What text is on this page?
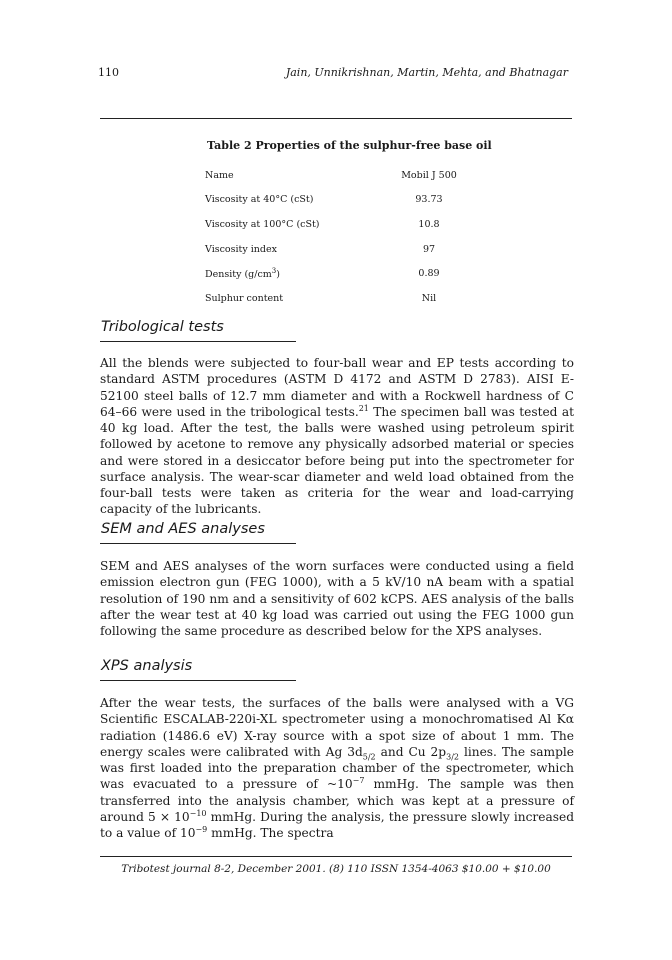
110	Jain, Unnikrishnan, Martin, Mehta, and Bhatnagar
Table 2 Properties of the sulphur-free base oil
Name	Mobil J 500
Viscosity at 40°C (cSt)	93.73
Viscosity at 100°C (cSt)	10.8
Viscosity index	97
Density $(g/cm^3)$	0.89
Sulphur content	Nil
Tribological tests

All the blends were subjected to four-ball wear and EP tests according to standard ASTM procedures (ASTM D 4172 and ASTM D 2783). AISI E-52100 steel balls of 12.7 mm diameter and with a Rockwell hardness of C 64–66 were used in the tribological tests.$^{21}$ The specimen ball was tested at 40 kg load. After the test, the balls were washed using petroleum spirit followed by acetone to remove any physically adsorbed material or species and were stored in a desiccator before being put into the spectrometer for surface analysis. The wear-scar diameter and weld load obtained from the four-ball tests were taken as criteria for the wear and load-carrying capacity of the lubricants.

SEM and AES analyses

SEM and AES analyses of the worn surfaces were conducted using a field emission electron gun (FEG 1000), with a 5 kV/10 nA beam with a spatial resolution of 190 nm and a sensitivity of 602 kCPS. AES analysis of the balls after the wear test at 40 kg load was carried out using the FEG 1000 gun following the same procedure as described below for the XPS analyses.

XPS analysis

After the wear tests, the surfaces of the balls were analysed with a VG Scientific ESCALAB-220i-XL spectrometer using a monochromatised Al Kα radiation (1486.6 eV) X-ray source with a spot size of about 1 mm. The energy scales were calibrated with Ag $3d_{5/2}$ and Cu $2p_{3/2}$ lines. The sample was first loaded into the preparation chamber of the spectrometer, which was evacuated to a pressure of $\sim 10^{-7}$ mmHg. The sample was then transferred into the analysis chamber, which was kept at a pressure of around $5 \times 10^{-10}$ mmHg. During the analysis, the pressure slowly increased to a value of $10^{-9}$ mmHg. The spectra

Tribotest journal 8-2, December 2001. (8) 110 ISSN 1354-4063 $10.00 + $10.00
